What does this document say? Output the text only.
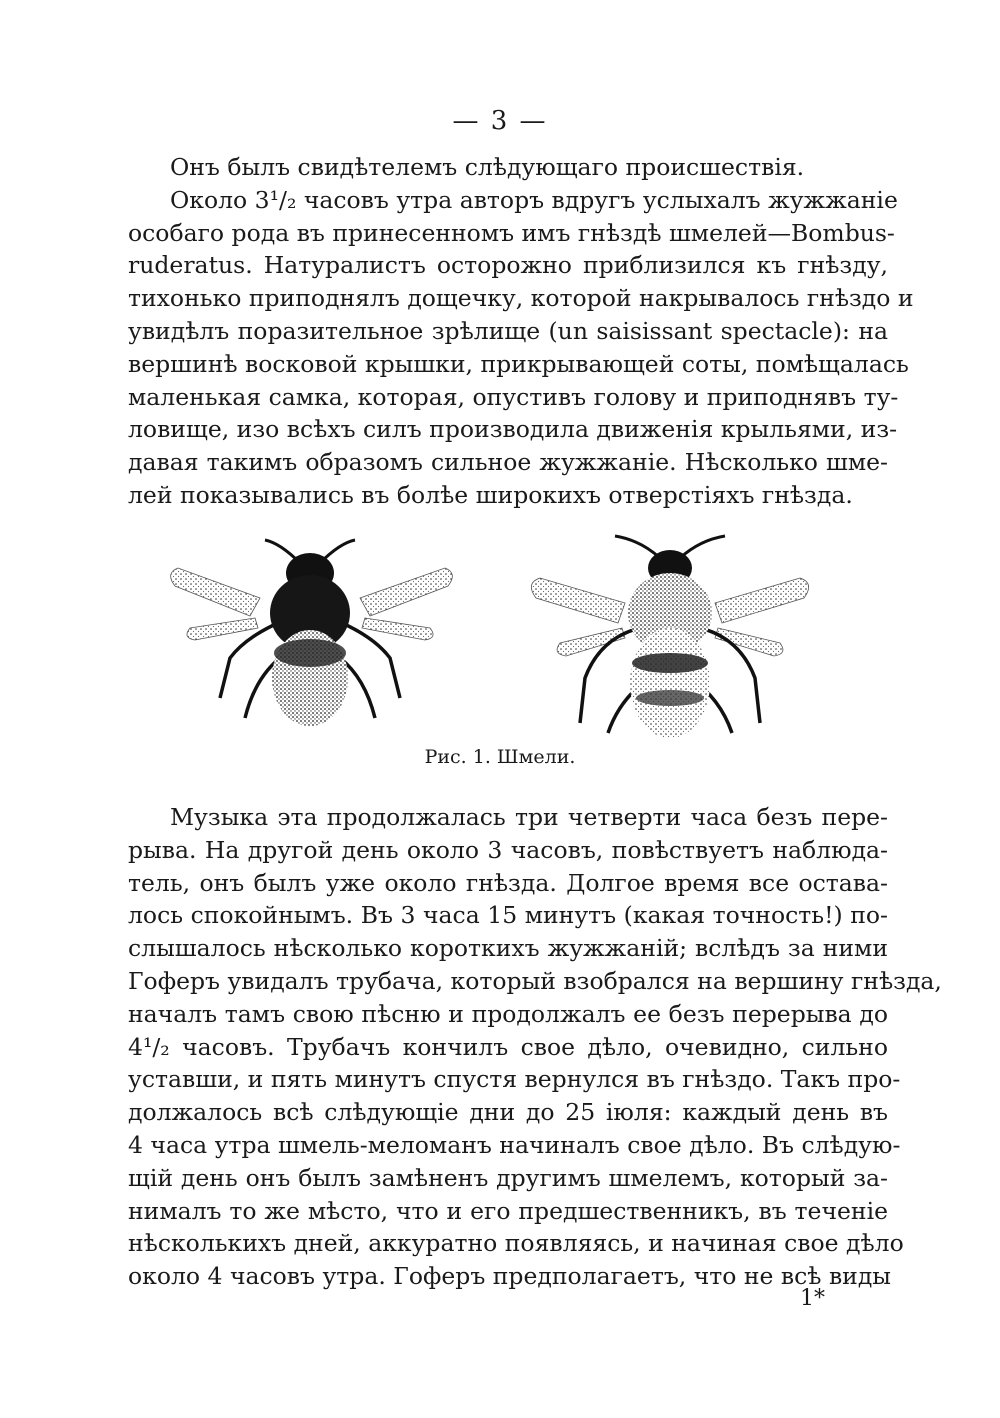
— 3 —
Онъ былъ свидѣтелемъ слѣдующаго происшествія.
Около 3¹/₂ часовъ утра авторъ вдругъ услыхалъ жужжаніе
особаго рода въ принесенномъ имъ гнѣздѣ шмелей—Bombus-
ruderatus. Натуралистъ осторожно приблизился къ гнѣзду,
тихонько приподнялъ дощечку, которой накрывалось гнѣздо и
увидѣлъ поразительное зрѣлище (un saisissant spectacle): на
вершинѣ восковой крышки, прикрывающей соты, помѣщалась
маленькая самка, которая, опустивъ голову и приподнявъ ту-
ловище, изо всѣхъ силъ производила движенія крыльями, из-
давая такимъ образомъ сильное жужжаніе. Нѣсколько шме-
лей показывались въ болѣе широкихъ отверстіяхъ гнѣзда.
Рис. 1. Шмели.
Музыка эта продолжалась три четверти часа безъ пере-
рыва. На другой день около 3 часовъ, повѣствуетъ наблюда-
тель, онъ былъ уже около гнѣзда. Долгое время все остава-
лось спокойнымъ. Въ 3 часа 15 минутъ (какая точность!) по-
слышалось нѣсколько короткихъ жужжаній; вслѣдъ за ними
Гоферъ увидалъ трубача, который взобрался на вершину гнѣзда,
началъ тамъ свою пѣсню и продолжалъ ее безъ перерыва до
4¹/₂ часовъ. Трубачъ кончилъ свое дѣло, очевидно, сильно
уставши, и пять минутъ спустя вернулся въ гнѣздо. Такъ про-
должалось всѣ слѣдующіе дни до 25 іюля: каждый день въ
4 часа утра шмель-меломанъ начиналъ свое дѣло. Въ слѣдую-
щій день онъ былъ замѣненъ другимъ шмелемъ, который за-
нималъ то же мѣсто, что и его предшественникъ, въ теченіе
нѣсколькихъ дней, аккуратно появляясь, и начиная свое дѣло
около 4 часовъ утра. Гоферъ предполагаетъ, что не всѣ виды
1*
